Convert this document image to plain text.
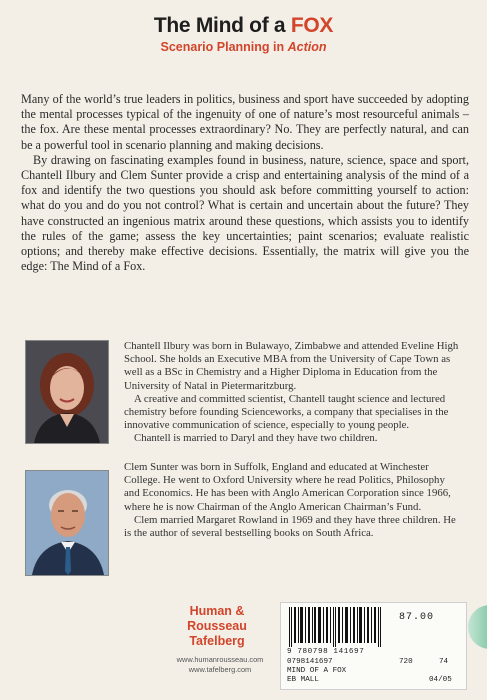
The Mind of a FOX
Scenario Planning in Action

Many of the world’s true leaders in politics, business and sport have succeeded by adopting the mental processes typical of the ingenuity of one of nature’s most resourceful animals – the fox. Are these mental processes extraordinary? No. They are perfectly natural, and can be a powerful tool in scenario planning and making decisions.

By drawing on fascinating examples found in business, nature, science, space and sport, Chantell Ilbury and Clem Sunter provide a crisp and entertaining analysis of the mind of a fox and identify the two questions you should ask before committing yourself to action: what do you and do you not control? What is certain and uncertain about the future? They have constructed an ingenious matrix around these questions, which assists you to identify the rules of the game; assess the key uncertainties; paint scenarios; evaluate realistic options; and thereby make effective decisions. Essentially, the matrix will give you the edge: The Mind of a Fox.

Chantell Ilbury was born in Bulawayo, Zimbabwe and attended Eveline High School. She holds an Executive MBA from the University of Cape Town as well as a BSc in Chemistry and a Higher Diploma in Education from the University of Natal in Pietermaritzburg.

A creative and committed scientist, Chantell taught science and lectured chemistry before founding Scienceworks, a company that specialises in the innovative communication of science, especially to young people.

Chantell is married to Daryl and they have two children.

Clem Sunter was born in Suffolk, England and educated at Winchester College. He went to Oxford University where he read Politics, Philosophy and Economics. He has been with Anglo American Corporation since 1966, where he is now Chairman of the Anglo American Chairman’s Fund.

Clem married Margaret Rowland in 1969 and they have three children. He is the author of several bestselling books on South Africa.

Human &
Rousseau
Tafelberg
www.humanrousseau.com
www.tafelberg.com
9 780798 141697
87.00
0798141697	720	74
MIND OF A FOX
EB MALL	04/05
